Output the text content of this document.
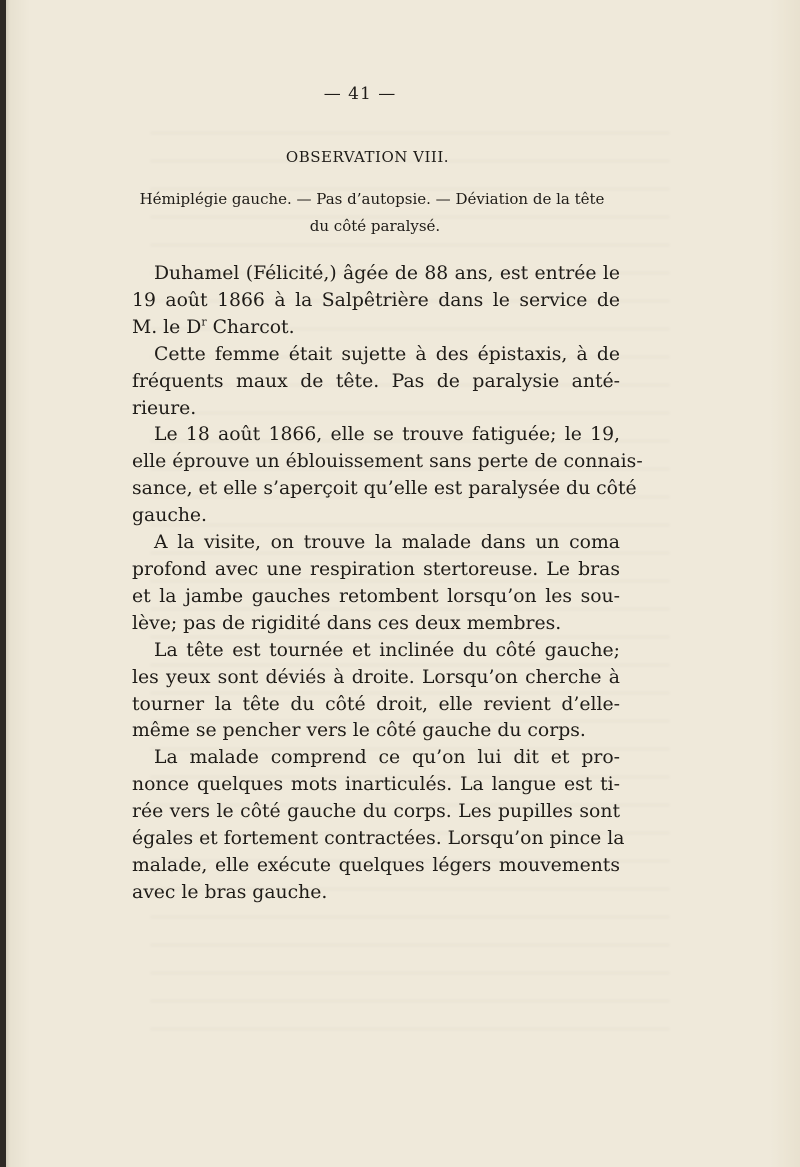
— 41 —
OBSERVATION VIII.
Hémiplégie gauche. — Pas d’autopsie. — Déviation de la tête
du côté paralysé.
Duhamel (Félicité,) âgée de 88 ans, est entrée le
19 août 1866 à la Salpêtrière dans le service de
M. le $D^r$ Charcot.
Cette femme était sujette à des épistaxis, à de
fréquents maux de tête. Pas de paralysie anté-
rieure.
Le 18 août 1866, elle se trouve fatiguée; le 19,
elle éprouve un éblouissement sans perte de connais-
sance, et elle s’aperçoit qu’elle est paralysée du côté
gauche.
A la visite, on trouve la malade dans un coma
profond avec une respiration stertoreuse. Le bras
et la jambe gauches retombent lorsqu’on les sou-
lève; pas de rigidité dans ces deux membres.
La tête est tournée et inclinée du côté gauche;
les yeux sont déviés à droite. Lorsqu’on cherche à
tourner la tête du côté droit, elle revient d’elle-
même se pencher vers le côté gauche du corps.
La malade comprend ce qu’on lui dit et pro-
nonce quelques mots inarticulés. La langue est ti-
rée vers le côté gauche du corps. Les pupilles sont
égales et fortement contractées. Lorsqu’on pince la
malade, elle exécute quelques légers mouvements
avec le bras gauche.
